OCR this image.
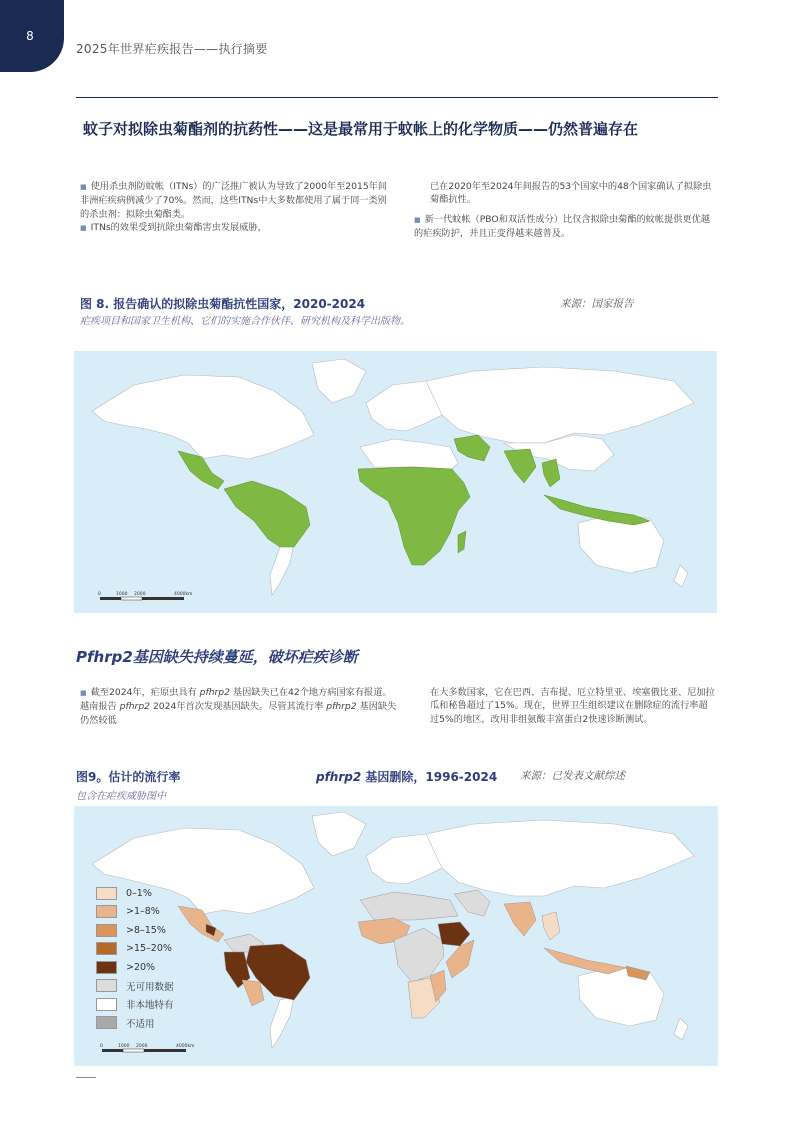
8
2025年世界疟疾报告——执行摘要
蚊子对拟除虫菊酯剂的抗药性——这是最常用于蚊帐上的化学物质——仍然普遍存在

■ 使用杀虫剂防蚊帐（ITNs）的广泛推广被认为导致了2000年至2015年间非洲疟疾病例减少了70%。然而，这些ITNs中大多数都使用了属于同一类别的杀虫剂：拟除虫菊酯类。

■ ITNs的效果受到抗除虫菊酯害虫发展威胁，

已在2020年至2024年间报告的53个国家中的48个国家确认了拟除虫菊酯抗性。

■ 新一代蚊帐（PBO和双活性成分）比仅含拟除虫菊酯的蚊帐提供更优越的疟疾防护，并且正变得越来越普及。

图 8. 报告确认的拟除虫菊酯抗性国家，2020-2024	来源：国家报告
疟疾项目和国家卫生机构、它们的实施合作伙伴、研究机构及科学出版物。
0	1000 2000	4000km
Pfhrp2基因缺失持续蔓延，破坏疟疾诊断

■ 截至2024年，疟原虫具有 pfhrp2 基因缺失已在42个地方病国家有报道。越南报告 pfhrp2 2024年首次发现基因缺失。尽管其流行率 pfhrp2 基因缺失仍然较低

在大多数国家，它在巴西、吉布提、厄立特里亚、埃塞俄比亚、尼加拉瓜和秘鲁超过了15%。现在，世界卫生组织建议在删除症的流行率超过5%的地区，改用非组氨酸丰富蛋白2快速诊断测试。

图9。估计的流行率	pfhrp2 基因删除，1996-2024 来源：已发表文献综述
包含在疟疾威胁图中
0	1000 2000	4000km
0–1%
>1–8%
>8–15%
>15–20%
>20%
无可用数据
非本地特有
不适用
